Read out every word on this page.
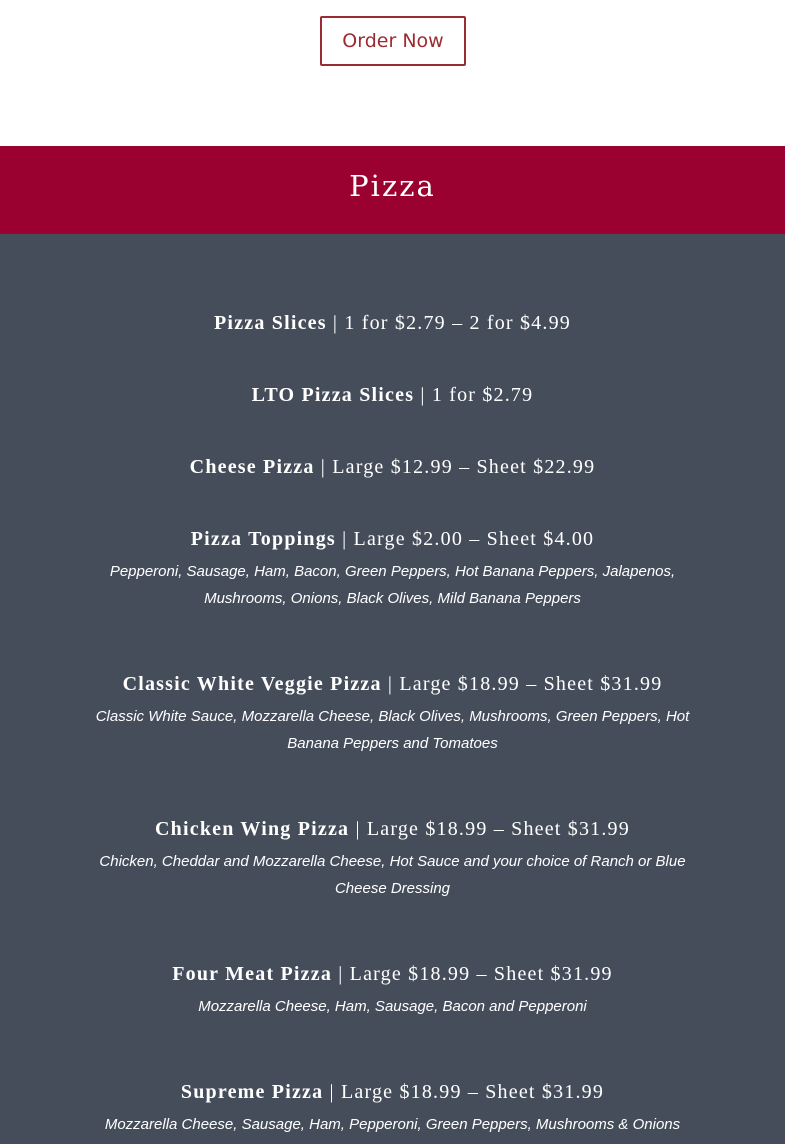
Order Now
Pizza
Pizza Slices | 1 for $2.79 – 2 for $4.99
LTO Pizza Slices | 1 for $2.79
Cheese Pizza | Large $12.99 – Sheet $22.99
Pizza Toppings | Large $2.00 – Sheet $4.00
Pepperoni, Sausage, Ham, Bacon, Green Peppers, Hot Banana Peppers, Jalapenos, Mushrooms, Onions, Black Olives, Mild Banana Peppers
Classic White Veggie Pizza | Large $18.99 – Sheet $31.99
Classic White Sauce, Mozzarella Cheese, Black Olives, Mushrooms, Green Peppers, Hot Banana Peppers and Tomatoes
Chicken Wing Pizza | Large $18.99 – Sheet $31.99
Chicken, Cheddar and Mozzarella Cheese, Hot Sauce and your choice of Ranch or Blue Cheese Dressing
Four Meat Pizza | Large $18.99 – Sheet $31.99
Mozzarella Cheese, Ham, Sausage, Bacon and Pepperoni
Supreme Pizza | Large $18.99 – Sheet $31.99
Mozzarella Cheese, Sausage, Ham, Pepperoni, Green Peppers, Mushrooms & Onions
